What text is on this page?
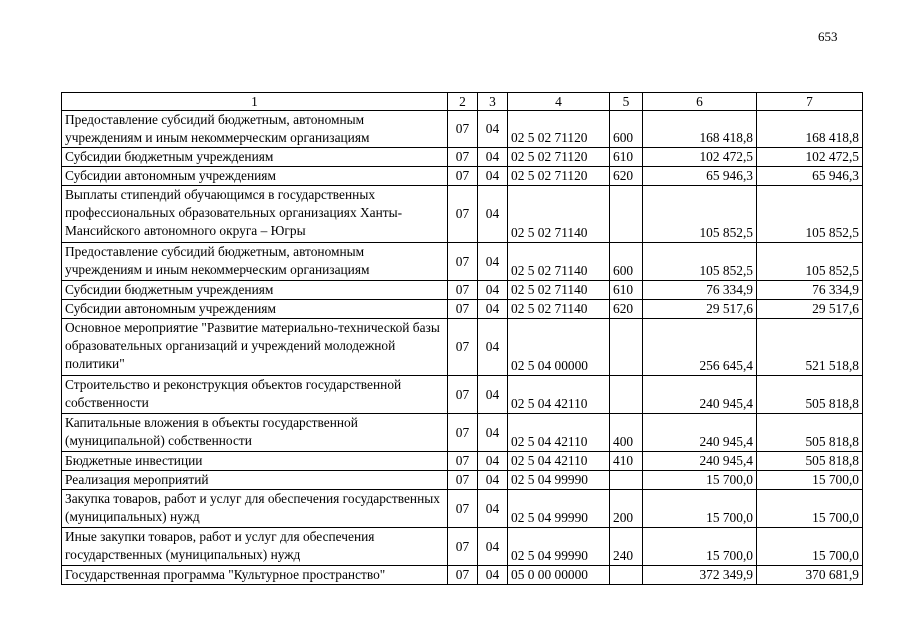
653
1	2	3	4	5	6	7
Предоставление субсидий бюджетным, автономным учреждениям и иным некоммерческим организациям	07	04	02 5 02 71120	600	168 418,8	168 418,8
Субсидии бюджетным учреждениям	07	04	02 5 02 71120	610	102 472,5	102 472,5
Субсидии автономным учреждениям	07	04	02 5 02 71120	620	65 946,3	65 946,3
Выплаты стипендий обучающимся в государственных профессиональных образовательных организациях Ханты-Мансийского автономного округа – Югры	07	04	02 5 02 71140		105 852,5	105 852,5
Предоставление субсидий бюджетным, автономным учреждениям и иным некоммерческим организациям	07	04	02 5 02 71140	600	105 852,5	105 852,5
Субсидии бюджетным учреждениям	07	04	02 5 02 71140	610	76 334,9	76 334,9
Субсидии автономным учреждениям	07	04	02 5 02 71140	620	29 517,6	29 517,6
Основное мероприятие "Развитие материально-технической базы образовательных организаций и учреждений молодежной политики"	07	04	02 5 04 00000		256 645,4	521 518,8
Строительство и реконструкция объектов государственной собственности	07	04	02 5 04 42110		240 945,4	505 818,8
Капитальные вложения в объекты государственной (муниципальной) собственности	07	04	02 5 04 42110	400	240 945,4	505 818,8
Бюджетные инвестиции	07	04	02 5 04 42110	410	240 945,4	505 818,8
Реализация мероприятий	07	04	02 5 04 99990		15 700,0	15 700,0
Закупка товаров, работ и услуг для обеспечения государственных (муниципальных) нужд	07	04	02 5 04 99990	200	15 700,0	15 700,0
Иные закупки товаров, работ и услуг для обеспечения государственных (муниципальных) нужд	07	04	02 5 04 99990	240	15 700,0	15 700,0
Государственная программа "Культурное пространство"	07	04	05 0 00 00000		372 349,9	370 681,9
